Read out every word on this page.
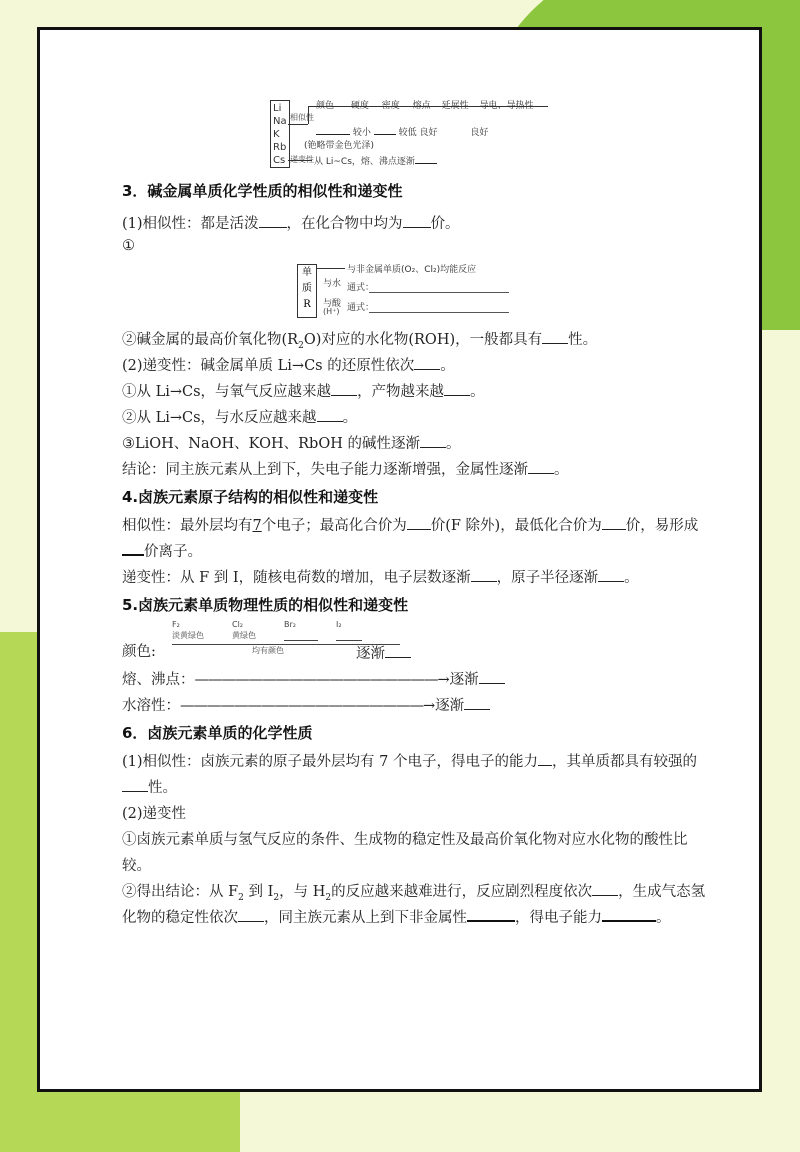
Li
Na
K
Rb
Cs
相似性
递变性
颜色 硬度 密度 熔点 延展性 导电、导热性
较小	较低 良好	良好
(铯略带金色光泽)
从 Li~Cs，熔、沸点逐渐
3．碱金属单质化学性质的相似性和递变性
(1)相似性：都是活泼 ，在化合物中均为 价。
①
单
质
R
与非金属单质(O₂、Cl₂)均能反应
与水 通式：
与酸
(H⁺) 通式：
②碱金属的最高价氧化物$(R_2O)$对应的水化物(ROH)，一般都具有 性。
(2)递变性：碱金属单质 Li→Cs 的还原性依次 。
①从 Li→Cs，与氧气反应越来越 ，产物越来越 。
②从 Li→Cs，与水反应越来越 。
③LiOH、NaOH、KOH、RbOH 的碱性逐渐 。
结论：同主族元素从上到下，失电子能力逐渐增强，金属性逐渐 。
4.卤族元素原子结构的相似性和递变性
相似性：最外层均有7个电子；最高化合价为 价(F 除外)，最低化合价为 价，易形成
价离子。
递变性：从 F 到 I，随核电荷数的增加，电子层数逐渐 ，原子半径逐渐 。
5.卤族元素单质物理性质的相似性和递变性
F₂
淡黄绿色
Cl₂
黄绿色
Br₂	I₂
均有颜色
颜色:	逐渐
熔、沸点：——————————————————→逐渐
水溶性：——————————————————→逐渐
6．卤族元素单质的化学性质
(1)相似性：卤族元素的原子最外层均有 7 个电子，得电子的能力 ，其单质都具有较强的
性。
(2)递变性
①卤族元素单质与氢气反应的条件、生成物的稳定性及最高价氧化物对应水化物的酸性比
较。
②得出结论：从 $F_2$ 到 $I_2$，与 $H_2$的反应越来越难进行，反应剧烈程度依次 ，生成气态氢
化物的稳定性依次 ，同主族元素从上到下非金属性	，得电子能力	。
